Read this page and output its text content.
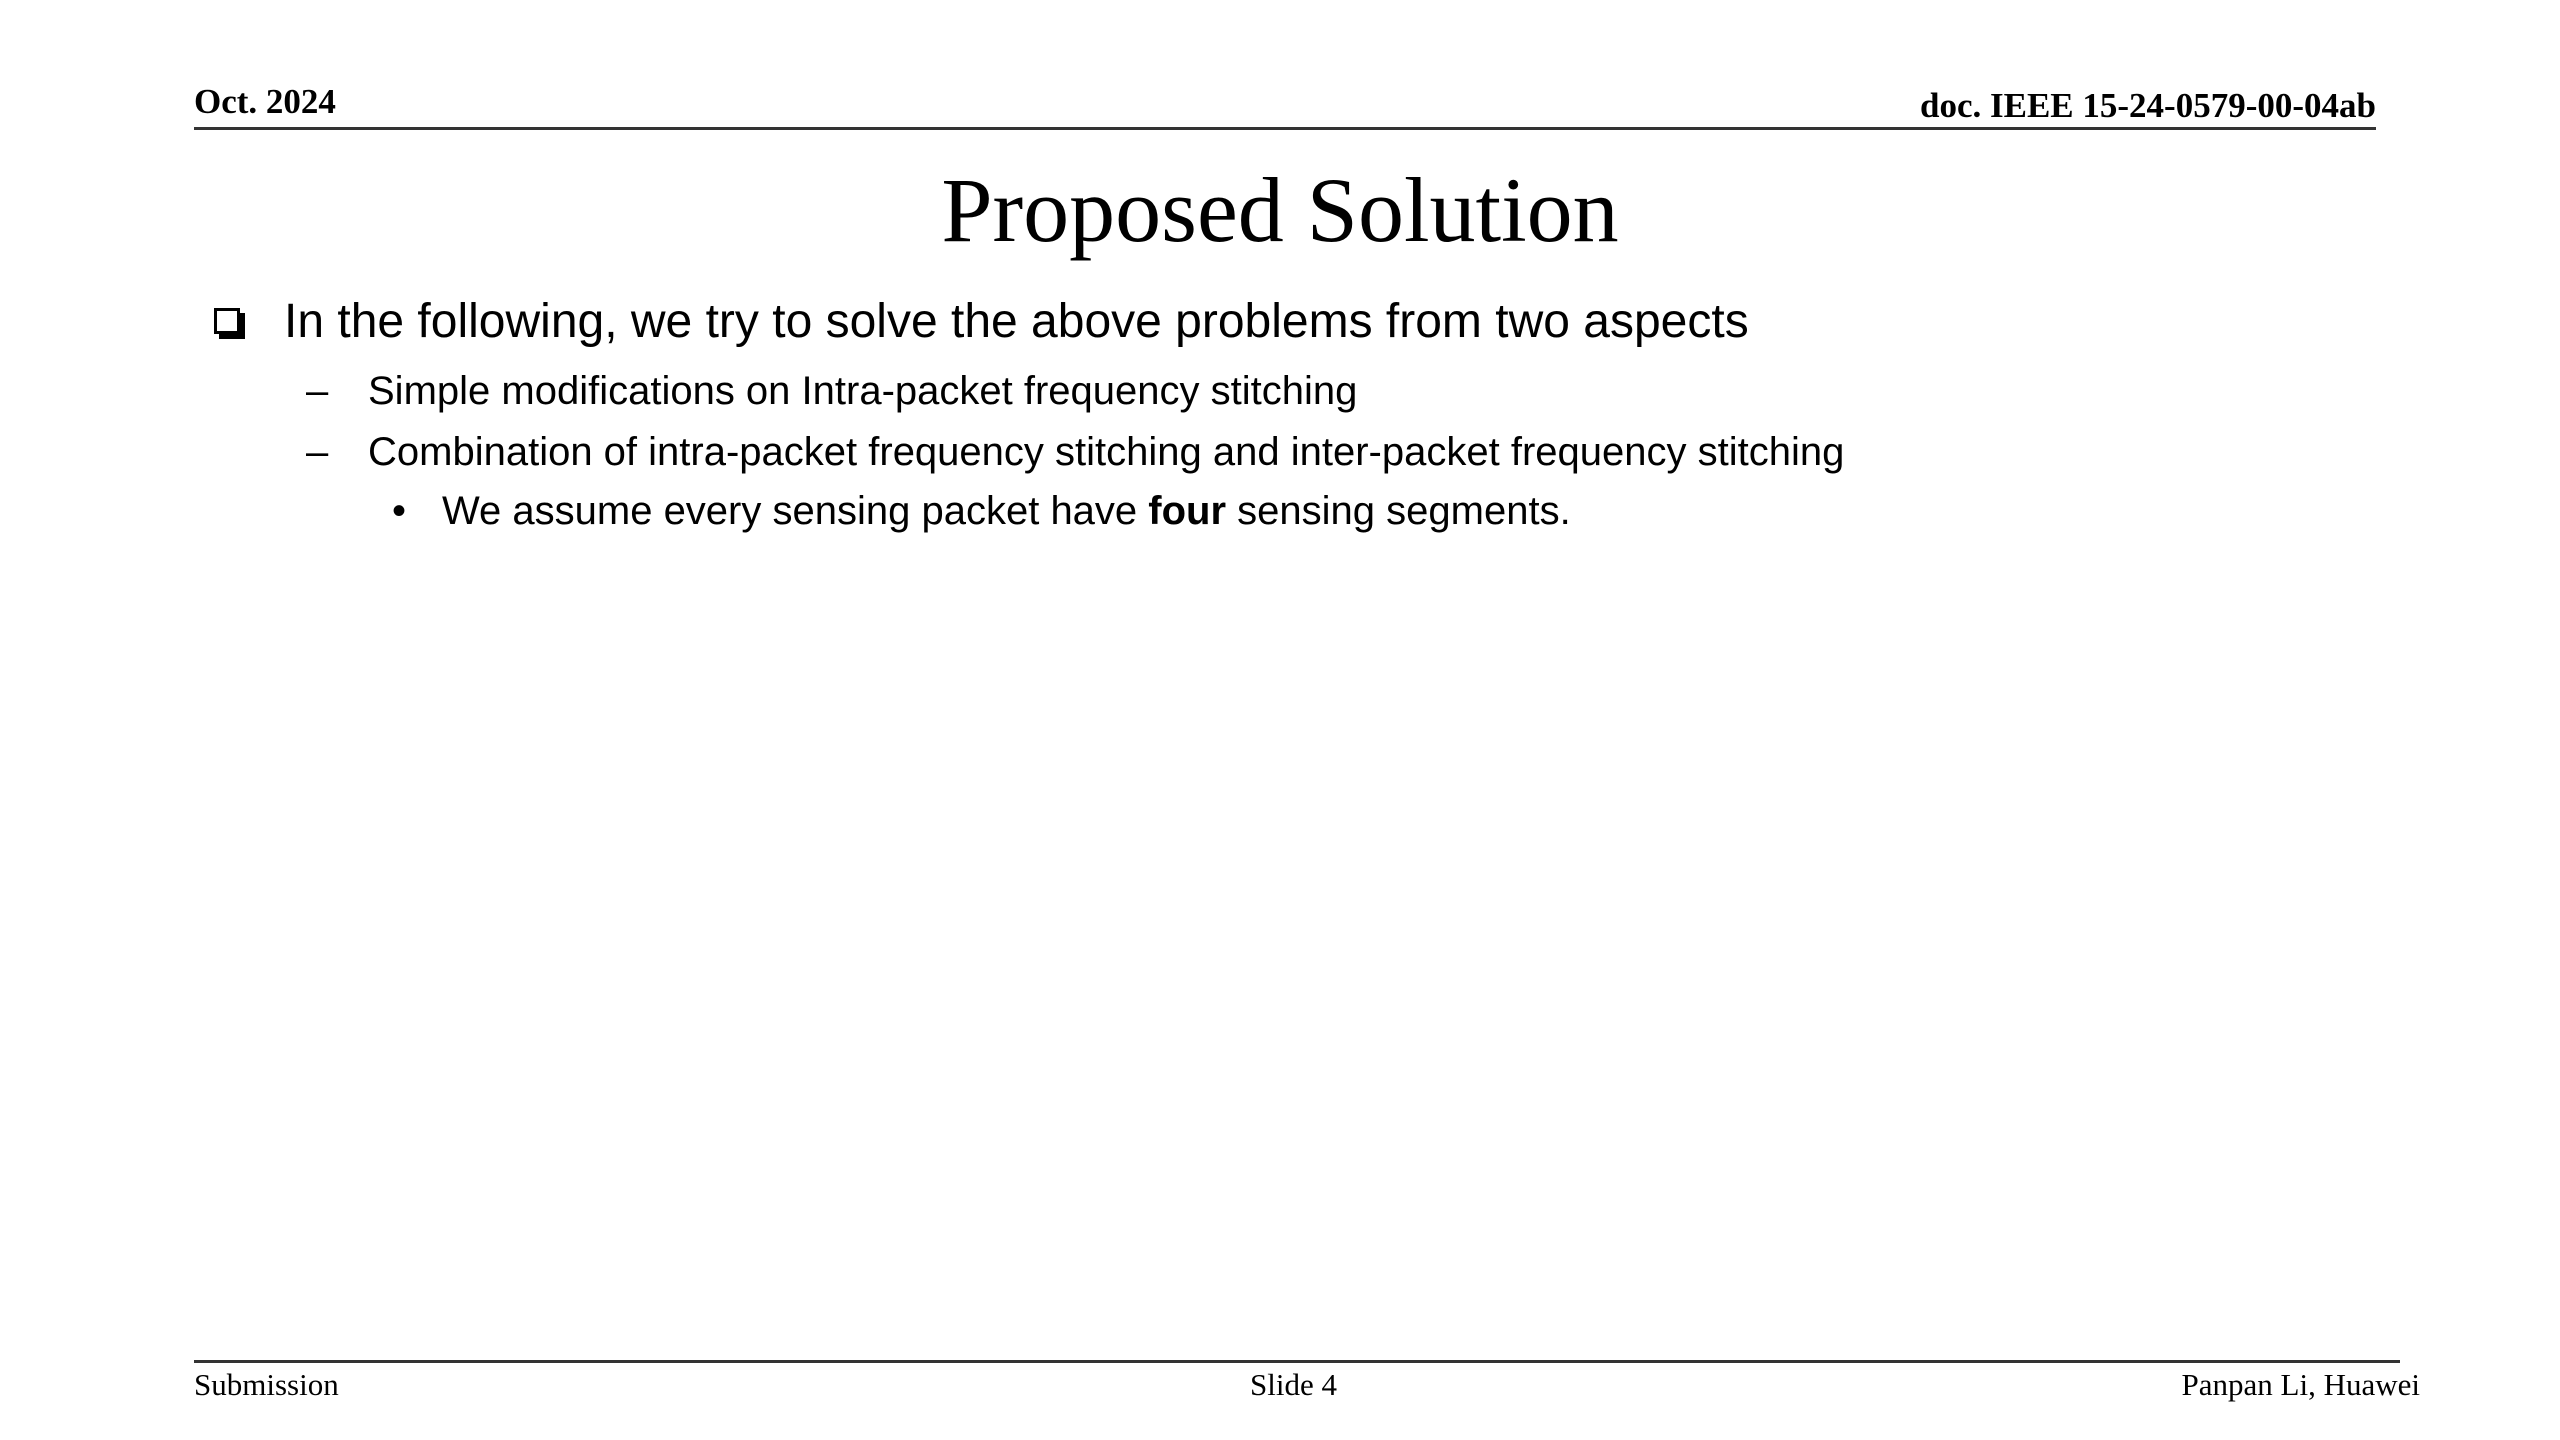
Oct. 2024	doc. IEEE 15-24-0579-00-04ab
Proposed Solution
In the following, we try to solve the above problems from two aspects
– Simple modifications on Intra-packet frequency stitching
– Combination of intra-packet frequency stitching and inter-packet frequency stitching
• We assume every sensing packet have four sensing segments.
Submission	Slide 4	Panpan Li, Huawei
